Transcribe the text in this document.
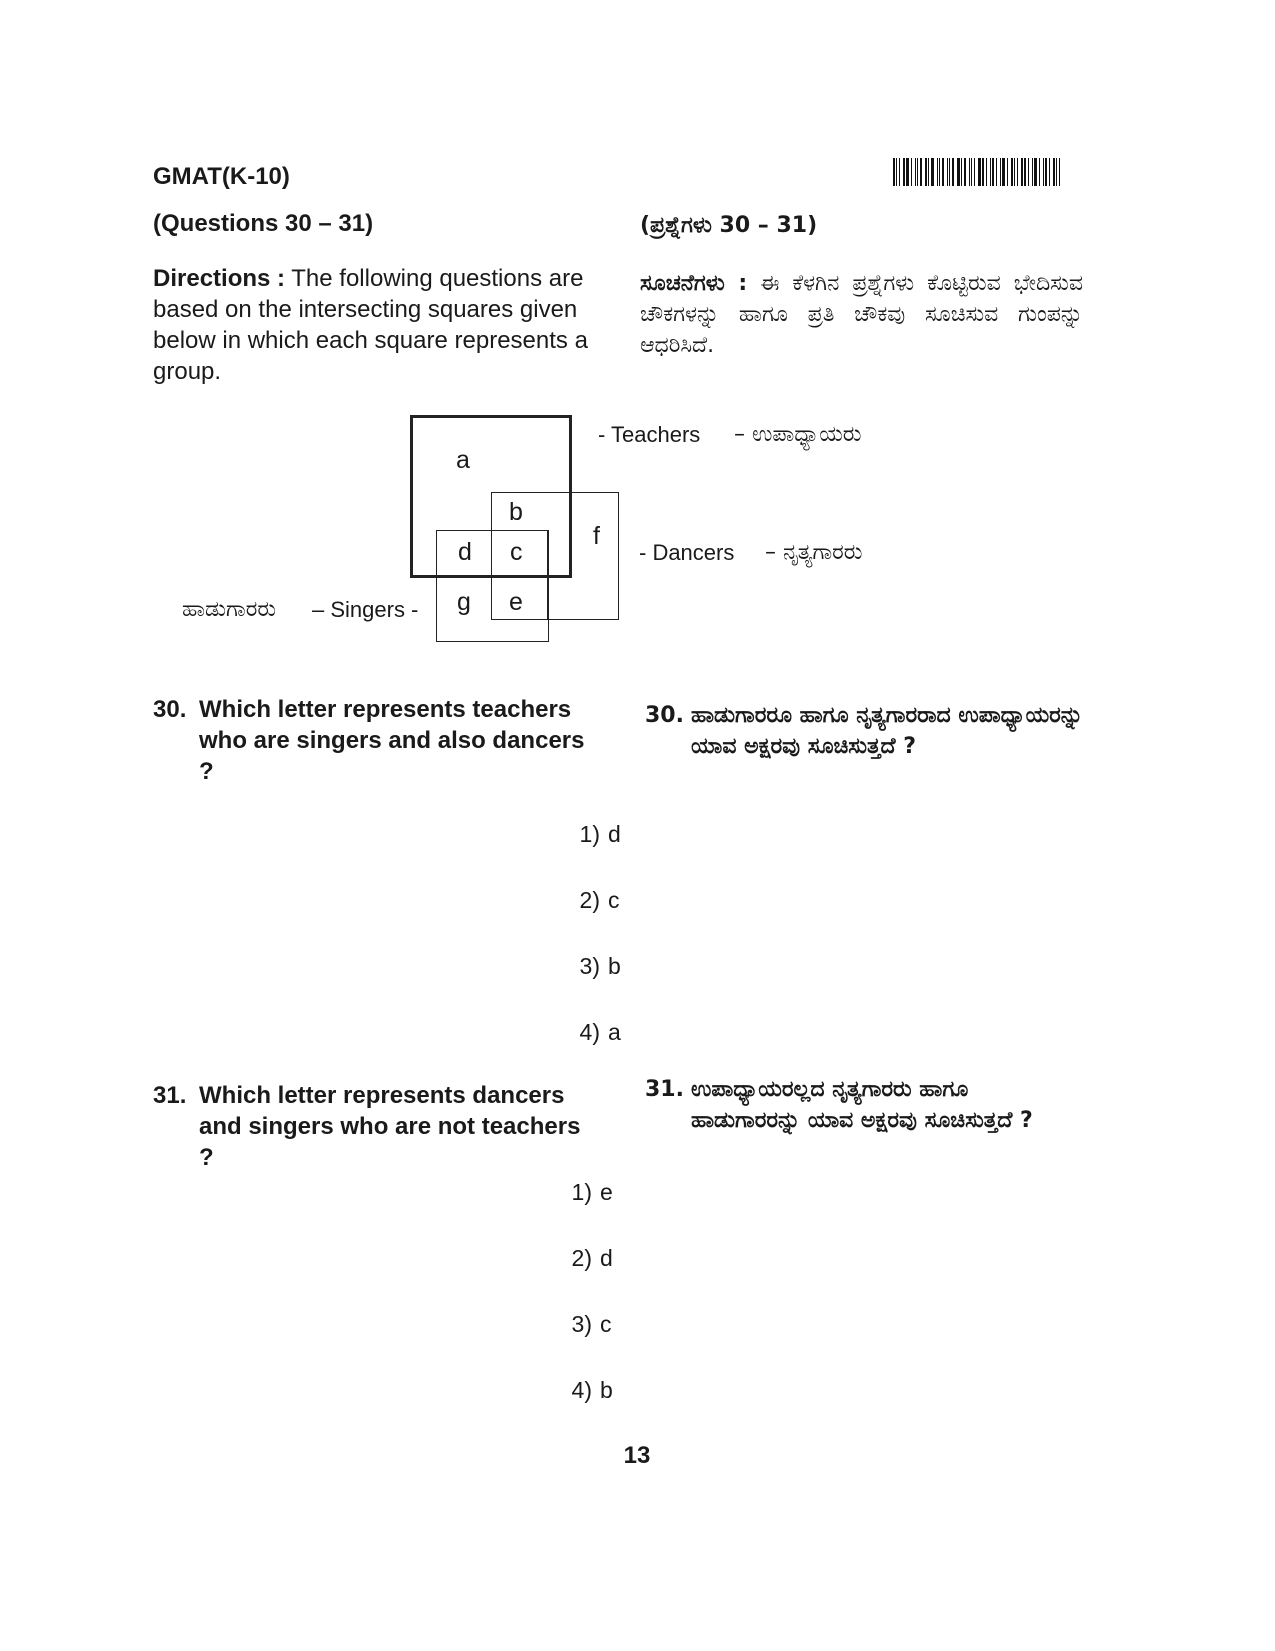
GMAT(K-10)
(Questions 30 – 31)	(ಪ್ರಶ್ನೆಗಳು 30 – 31)
Directions : The following questions are based on the intersecting squares given below in which each square represents a group.
ಸೂಚನೆಗಳು : ಈ ಕೆಳಗಿನ ಪ್ರಶ್ನೆಗಳು ಕೊಟ್ಟಿರುವ ಭೇದಿಸುವ ಚೌಕಗಳನ್ನು ಹಾಗೂ ಪ್ರತಿ ಚೌಕವು ಸೂಚಿಸುವ ಗುಂಪನ್ನು ಆಧರಿಸಿದೆ.
a
b
d c
f
g e
- Teachers – ಉಪಾಧ್ಯಾಯರು
- Dancers – ನೃತ್ಯಗಾರರು
ಹಾಡುಗಾರರು – Singers -
30. Which letter represents teachers who are singers and also dancers ?
30. ಹಾಡುಗಾರರೂ ಹಾಗೂ ನೃತ್ಯಗಾರರಾದ ಉಪಾಧ್ಯಾಯರನ್ನು ಯಾವ ಅಕ್ಷರವು ಸೂಚಿಸುತ್ತದೆ ?
1) d
2) c
3) b
4) a
31. Which letter represents dancers and singers who are not teachers ?
31. ಉಪಾಧ್ಯಾಯರಲ್ಲದ ನೃತ್ಯಗಾರರು ಹಾಗೂ ಹಾಡುಗಾರರನ್ನು ಯಾವ ಅಕ್ಷರವು ಸೂಚಿಸುತ್ತದೆ ?
1) e
2) d
3) c
4) b
13
